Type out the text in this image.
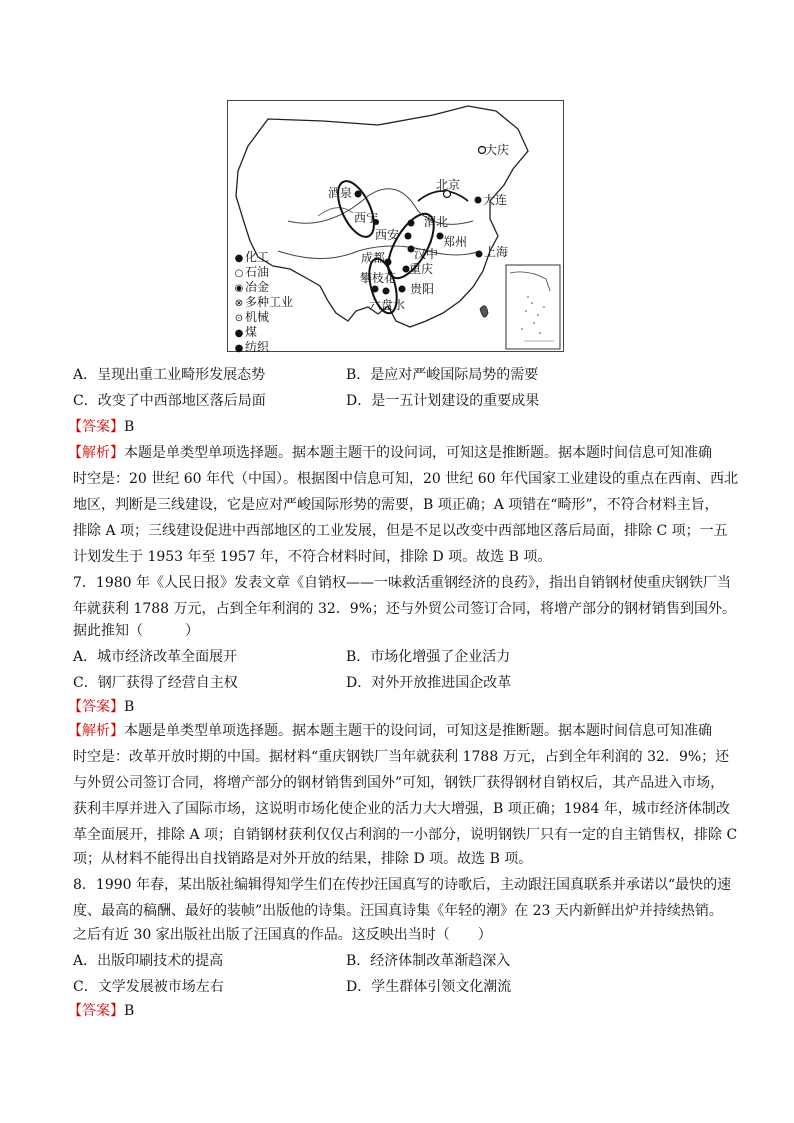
大庆
北京
大连
酒泉
西宁	渭北
西安	郑州
汉中
成都
重庆
攀枝花
贵阳
六盘水
上海
● 化工
○ 石油
◉ 冶金
⊗ 多种工业
⊙ 机械
● 煤
● 纺织
A．呈现出重工业畸形发展态势	B．是应对严峻国际局势的需要
C．改变了中西部地区落后局面	D．是一五计划建设的重要成果
【答案】B
【解析】本题是单类型单项选择题。据本题主题干的设问词，可知这是推断题。据本题时间信息可知准确
时空是：20 世纪 60 年代（中国）。根据图中信息可知，20 世纪 60 年代国家工业建设的重点在西南、西北
地区，判断是三线建设，它是应对严峻国际形势的需要，B 项正确；A 项错在“畸形”，不符合材料主旨，
排除 A 项；三线建设促进中西部地区的工业发展，但是不足以改变中西部地区落后局面，排除 C 项；一五
计划发生于 1953 年至 1957 年，不符合材料时间，排除 D 项。故选 B 项。
7．1980 年《人民日报》发表文章《自销权——一味救活重钢经济的良药》，指出自销钢材使重庆钢铁厂当
年就获利 1788 万元，占到全年利润的 32．9%；还与外贸公司签订合同，将增产部分的钢材销售到国外。
据此推知（　　　）
A．城市经济改革全面展开	B．市场化增强了企业活力
C．钢厂获得了经营自主权	D．对外开放推进国企改革
【答案】B
【解析】本题是单类型单项选择题。据本题主题干的设问词，可知这是推断题。据本题时间信息可知准确
时空是：改革开放时期的中国。据材料“重庆钢铁厂当年就获利 1788 万元，占到全年利润的 32．9%；还
与外贸公司签订合同，将增产部分的钢材销售到国外”可知，钢铁厂获得钢材自销权后，其产品进入市场，
获利丰厚并进入了国际市场，这说明市场化使企业的活力大大增强，B 项正确；1984 年，城市经济体制改
革全面展开，排除 A 项；自销钢材获利仅仅占利润的一小部分，说明钢铁厂只有一定的自主销售权，排除 C
项；从材料不能得出自找销路是对外开放的结果，排除 D 项。故选 B 项。
8．1990 年春，某出版社编辑得知学生们在传抄汪国真写的诗歌后，主动跟汪国真联系并承诺以“最快的速
度、最高的稿酬、最好的装帧”出版他的诗集。汪国真诗集《年轻的潮》在 23 天内新鲜出炉并持续热销。
之后有近 30 家出版社出版了汪国真的作品。这反映出当时（　　）
A．出版印刷技术的提高	B．经济体制改革渐趋深入
C．文学发展被市场左右	D．学生群体引领文化潮流
【答案】B
